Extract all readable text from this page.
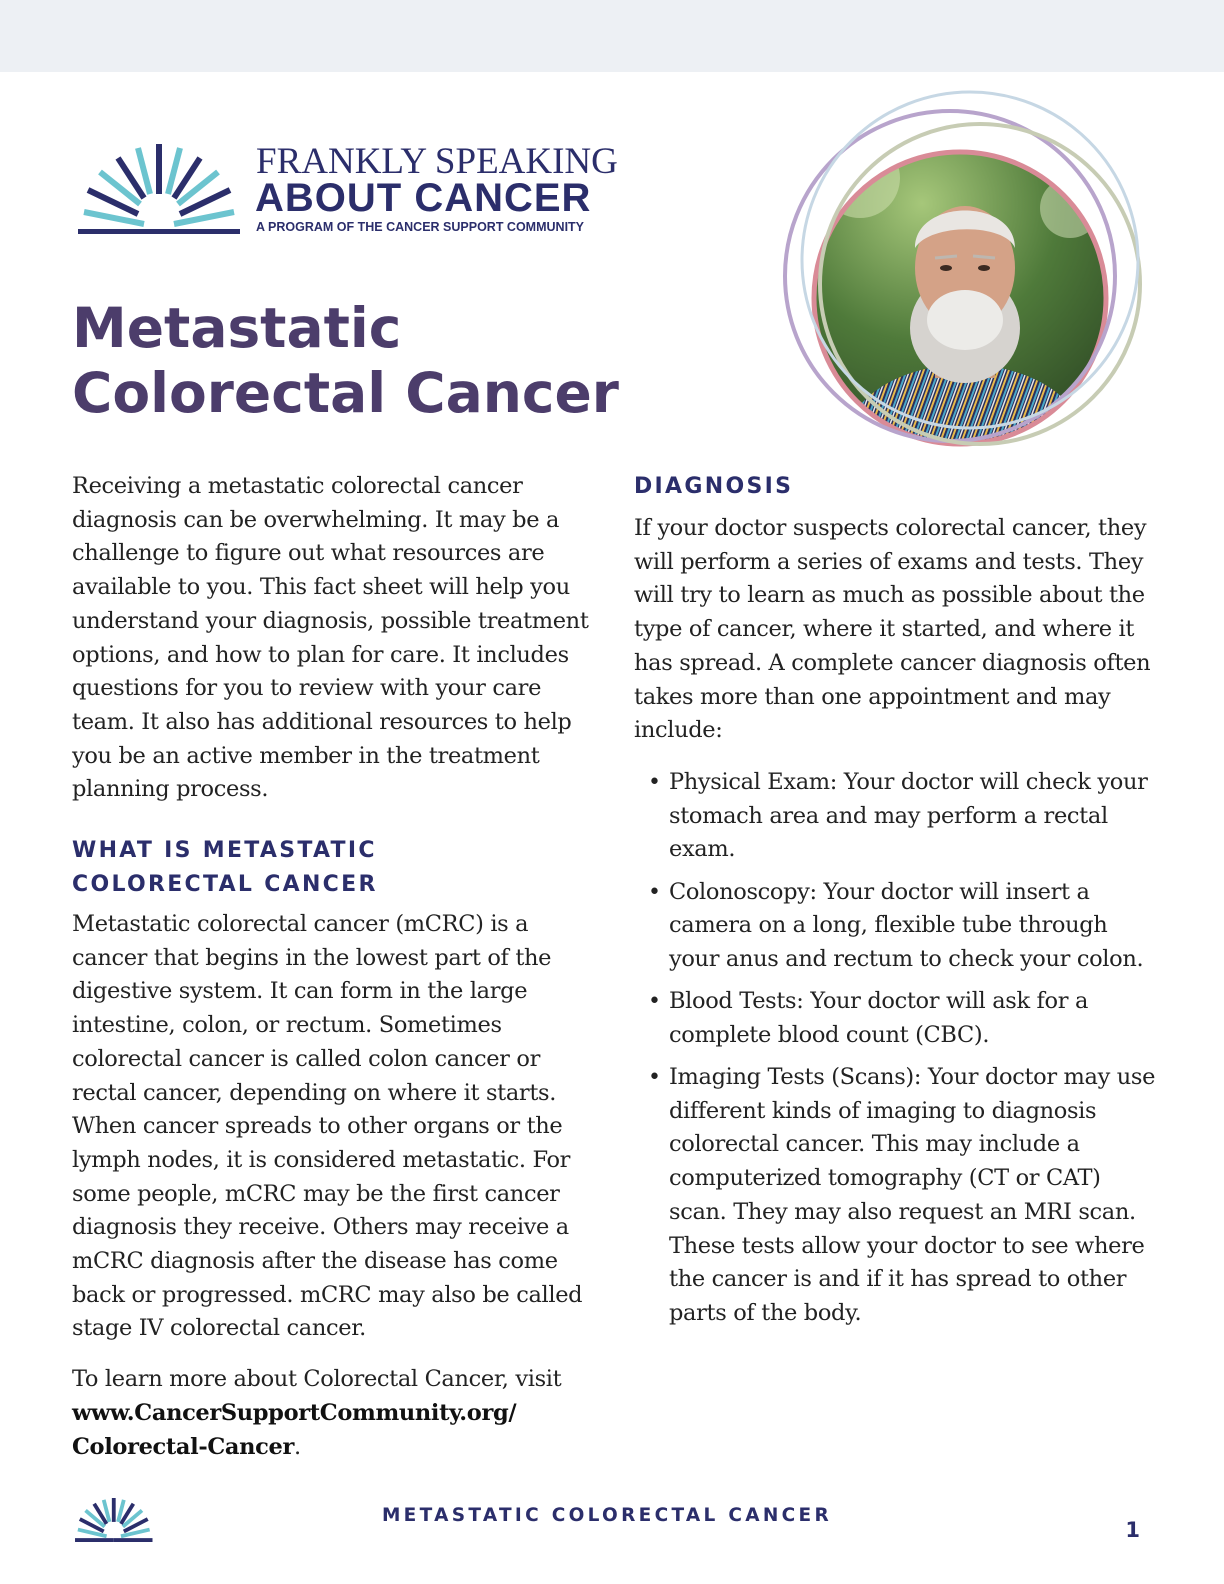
FRANKLY SPEAKING
ABOUT CANCER
A PROGRAM OF THE CANCER SUPPORT COMMUNITY
Metastatic
Colorectal Cancer

Receiving a metastatic colorectal cancer diagnosis can be overwhelming. It may be a challenge to figure out what resources are available to you. This fact sheet will help you understand your diagnosis, possible treatment options, and how to plan for care. It includes questions for you to review with your care team. It also has additional resources to help you be an active member in the treatment planning process.

WHAT IS METASTATIC
COLORECTAL CANCER

Metastatic colorectal cancer (mCRC) is a cancer that begins in the lowest part of the digestive system. It can form in the large intestine, colon, or rectum. Sometimes colorectal cancer is called colon cancer or rectal cancer, depending on where it starts. When cancer spreads to other organs or the lymph nodes, it is considered metastatic. For some people, mCRC may be the first cancer diagnosis they receive. Others may receive a mCRC diagnosis after the disease has come back or progressed. mCRC may also be called stage IV colorectal cancer.

To learn more about Colorectal Cancer, visit
www.CancerSupportCommunity.org/
Colorectal-Cancer.

DIAGNOSIS

If your doctor suspects colorectal cancer, they will perform a series of exams and tests. They will try to learn as much as possible about the type of cancer, where it started, and where it has spread. A complete cancer diagnosis often takes more than one appointment and may include:

• Physical Exam: Your doctor will check your stomach area and may perform a rectal exam.
• Colonoscopy: Your doctor will insert a camera on a long, flexible tube through your anus and rectum to check your colon.
• Blood Tests: Your doctor will ask for a complete blood count (CBC).
• Imaging Tests (Scans): Your doctor may use different kinds of imaging to diagnosis colorectal cancer. This may include a computerized tomography (CT or CAT) scan. They may also request an MRI scan. These tests allow your doctor to see where the cancer is and if it has spread to other parts of the body.
METASTATIC COLORECTAL CANCER
1
